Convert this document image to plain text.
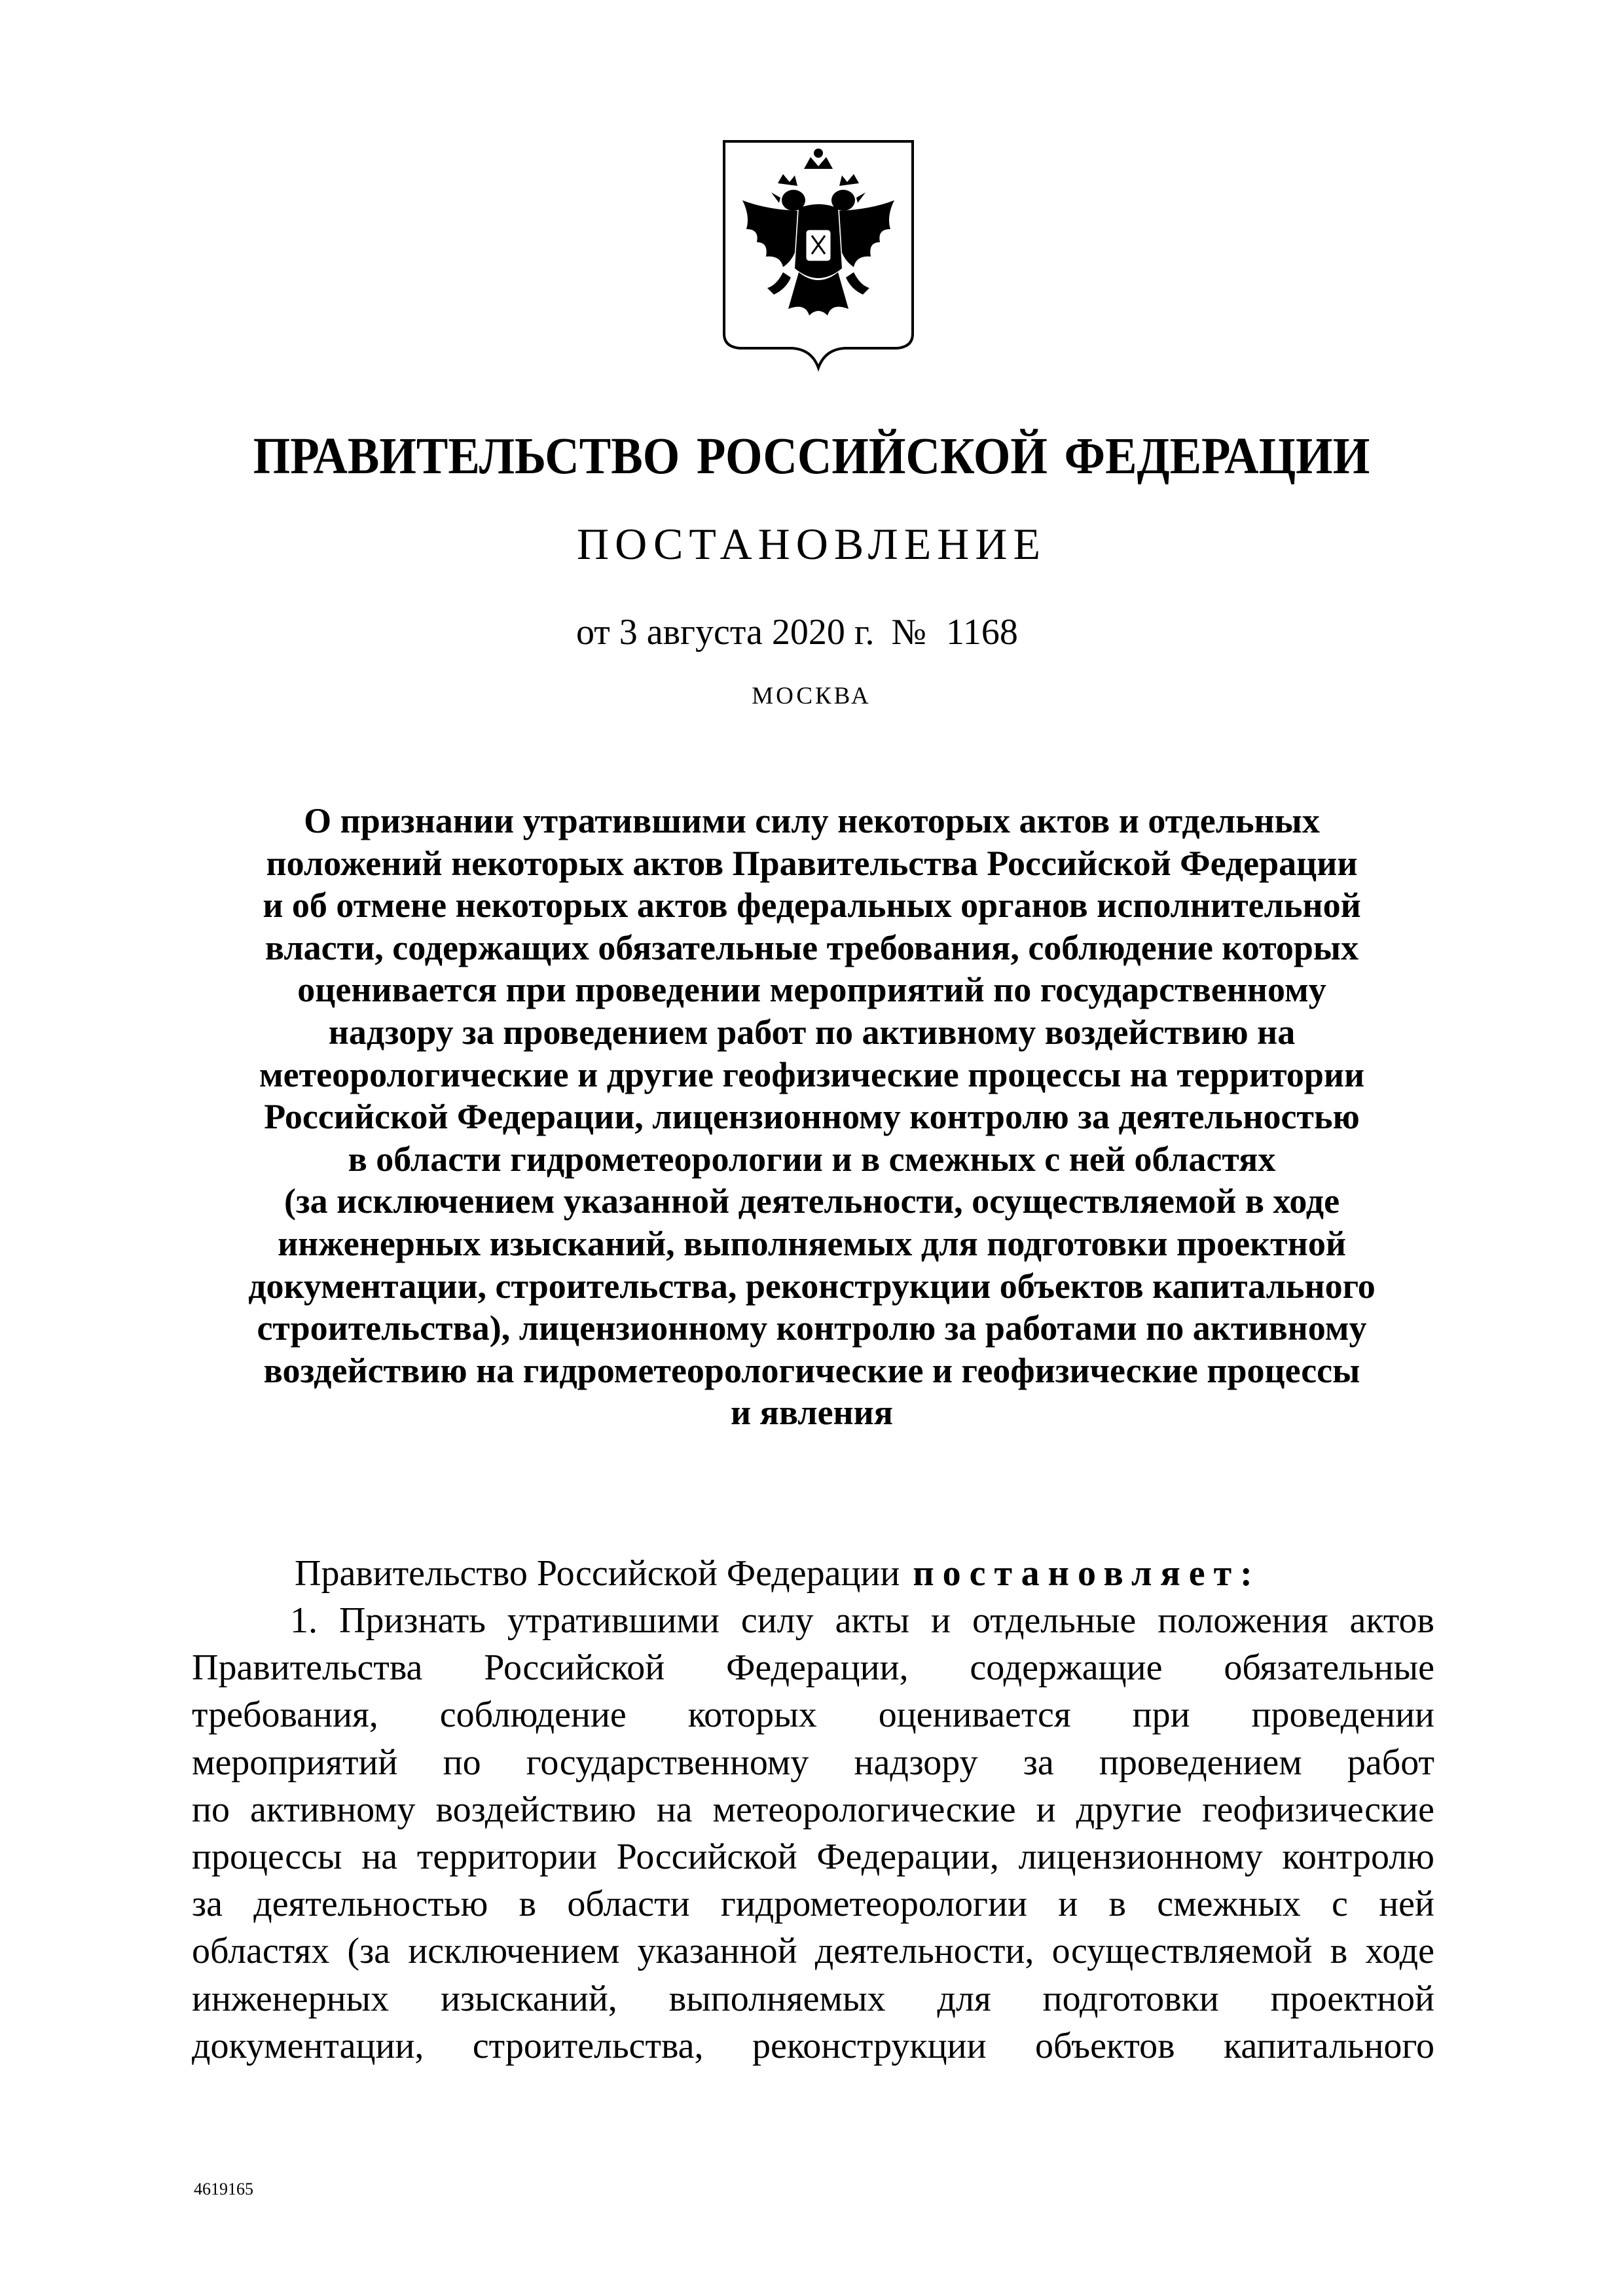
ПРАВИТЕЛЬСТВО РОССИЙСКОЙ ФЕДЕРАЦИИ
ПОСТАНОВЛЕНИЕ
от 3 августа 2020 г. № 1168
МОСКВА
О признании утратившими силу некоторых актов и отдельных
положений некоторых актов Правительства Российской Федерации
и об отмене некоторых актов федеральных органов исполнительной
власти, содержащих обязательные требования, соблюдение которых
оценивается при проведении мероприятий по государственному
надзору за проведением работ по активному воздействию на
метеорологические и другие геофизические процессы на территории
Российской Федерации, лицензионному контролю за деятельностью
в области гидрометеорологии и в смежных с ней областях
(за исключением указанной деятельности, осуществляемой в ходе
инженерных изысканий, выполняемых для подготовки проектной
документации, строительства, реконструкции объектов капитального
строительства), лицензионному контролю за работами по активному
воздействию на гидрометеорологические и геофизические процессы
и явления
Правительство Российской Федерации постановляет:
1. Признать утратившими силу акты и отдельные положения актов
Правительства Российской Федерации, содержащие обязательные
требования, соблюдение которых оценивается при проведении
мероприятий по государственному надзору за проведением работ
по активному воздействию на метеорологические и другие геофизические
процессы на территории Российской Федерации, лицензионному контролю
за деятельностью в области гидрометеорологии и в смежных с ней
областях (за исключением указанной деятельности, осуществляемой в ходе
инженерных изысканий, выполняемых для подготовки проектной
документации, строительства, реконструкции объектов капитального
4619165
